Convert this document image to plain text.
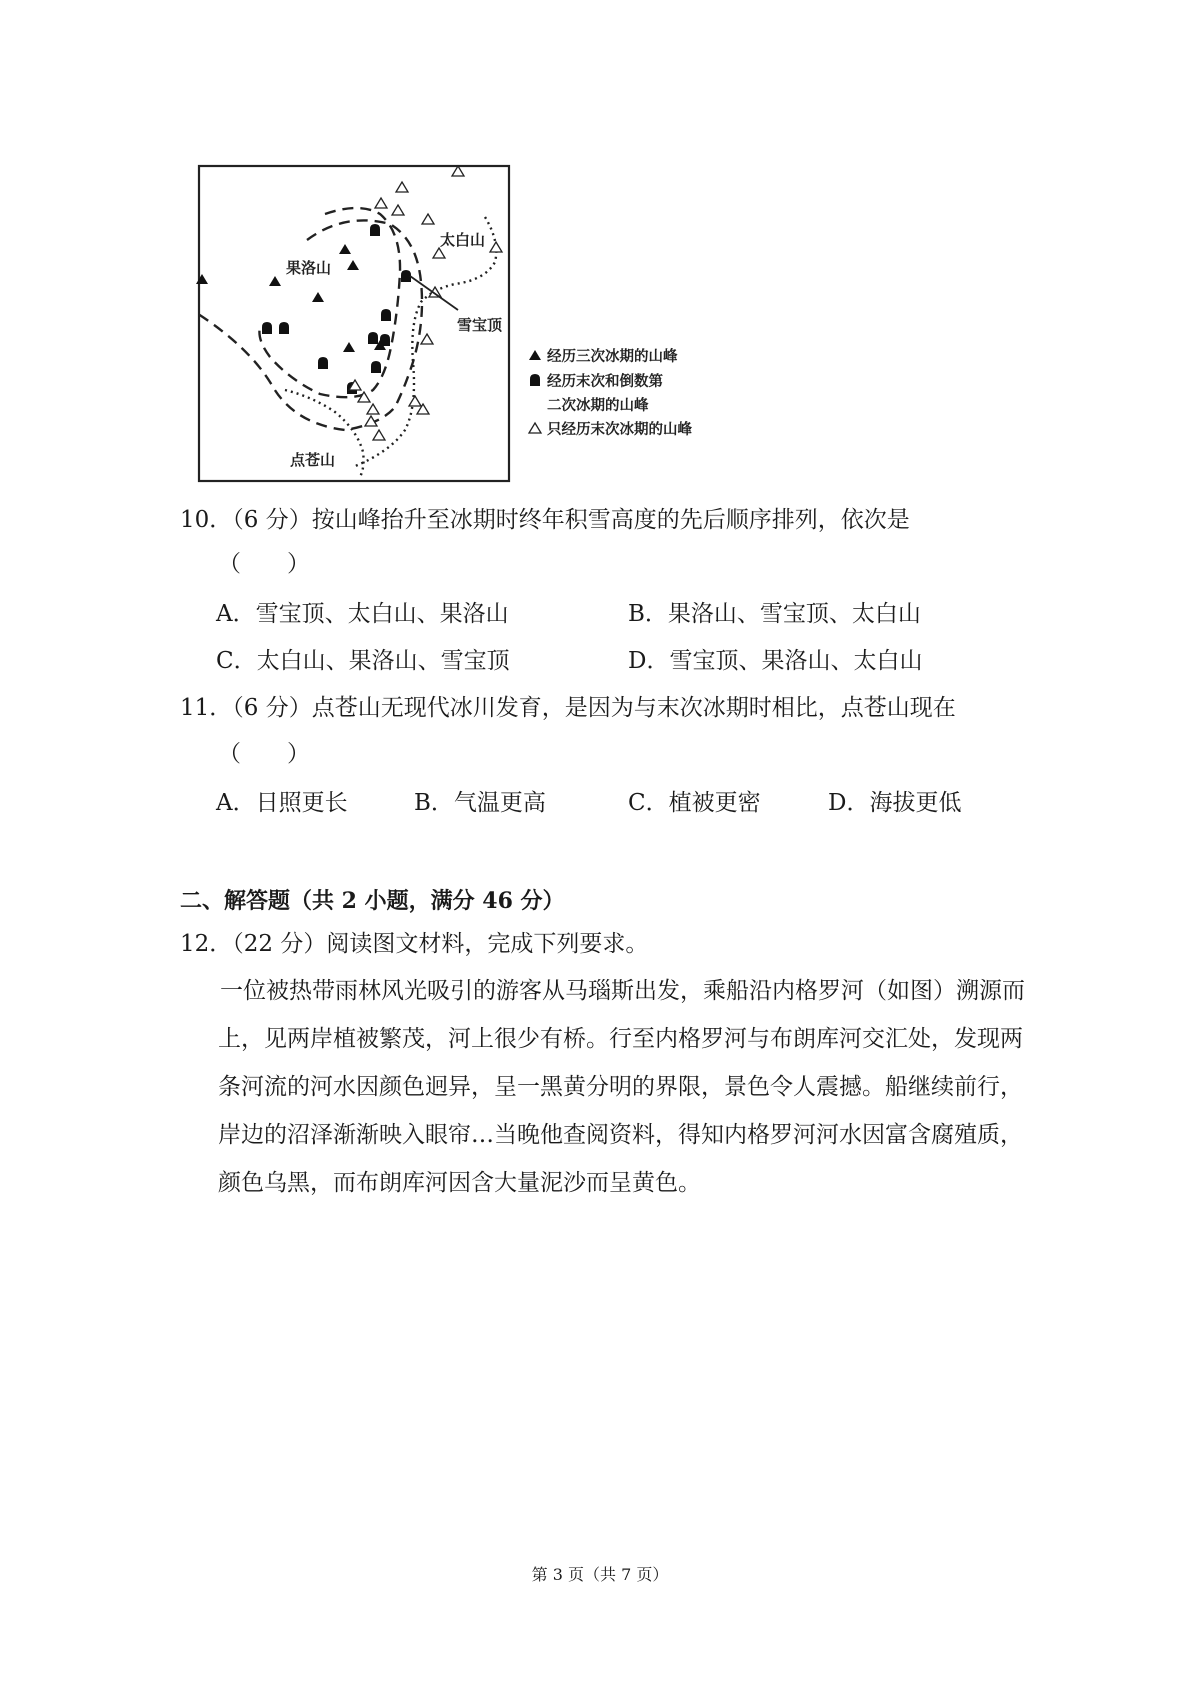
太白山
果洛山
雪宝顶
点苍山
经历三次冰期的山峰
经历末次和倒数第
二次冰期的山峰
只经历末次冰期的山峰
10．（6 分）按山峰抬升至冰期时终年积雪高度的先后顺序排列，依次是
（　　）
A．雪宝顶、太白山、果洛山	B．果洛山、雪宝顶、太白山
C．太白山、果洛山、雪宝顶	D．雪宝顶、果洛山、太白山
11．（6 分）点苍山无现代冰川发育，是因为与末次冰期时相比，点苍山现在
（　　）
A．日照更长	B．气温更高	C．植被更密	D．海拔更低
二、解答题（共 2 小题，满分 46 分）
12．（22 分）阅读图文材料，完成下列要求。
一位被热带雨林风光吸引的游客从马瑙斯出发，乘船沿内格罗河（如图）溯源而上，见两岸植被繁茂，河上很少有桥。行至内格罗河与布朗库河交汇处，发现两条河流的河水因颜色迥异，呈一黑黄分明的界限，景色令人震撼。船继续前行，岸边的沼泽渐渐映入眼帘…当晚他查阅资料，得知内格罗河河水因富含腐殖质，颜色乌黑，而布朗库河因含大量泥沙而呈黄色。
第 3 页（共 7 页）
